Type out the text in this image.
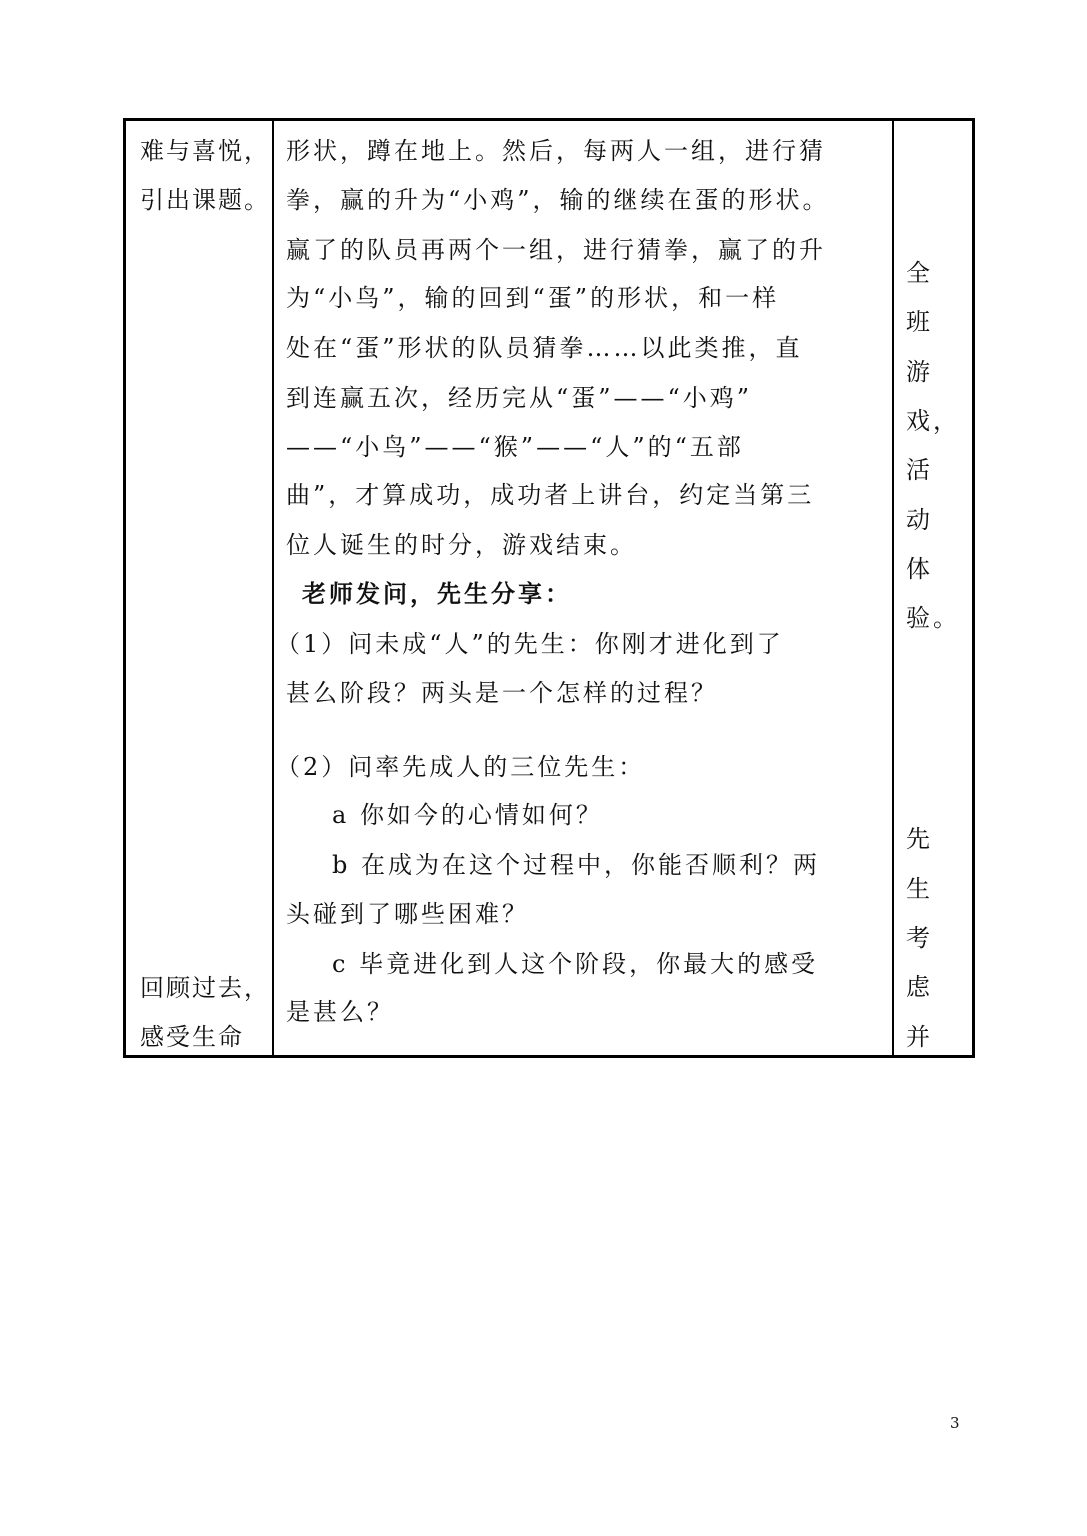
难与喜悦，
引出课题。
回顾过去，
感受生命
形状，蹲在地上。然后，每两人一组，进行猜
拳，赢的升为“小鸡”，输的继续在蛋的形状。
赢了的队员再两个一组，进行猜拳，赢了的升
为“小鸟”，输的回到“蛋”的形状，和一样
处在“蛋”形状的队员猜拳……以此类推，直
到连赢五次，经历完从“蛋”——“小鸡”
——“小鸟”——“猴”——“人”的“五部
曲”，才算成功，成功者上讲台，约定当第三
位人诞生的时分，游戏结束。
老师发问，先生分享：
（1）问未成“人”的先生：你刚才进化到了
甚么阶段？两头是一个怎样的过程？
（2）问率先成人的三位先生：
a 你如今的心情如何？
b 在成为在这个过程中，你能否顺利？两
头碰到了哪些困难？
c 毕竟进化到人这个阶段，你最大的感受
是甚么？
全
班
游
戏，
活
动
体
验。
先
生
考
虑
并
3
